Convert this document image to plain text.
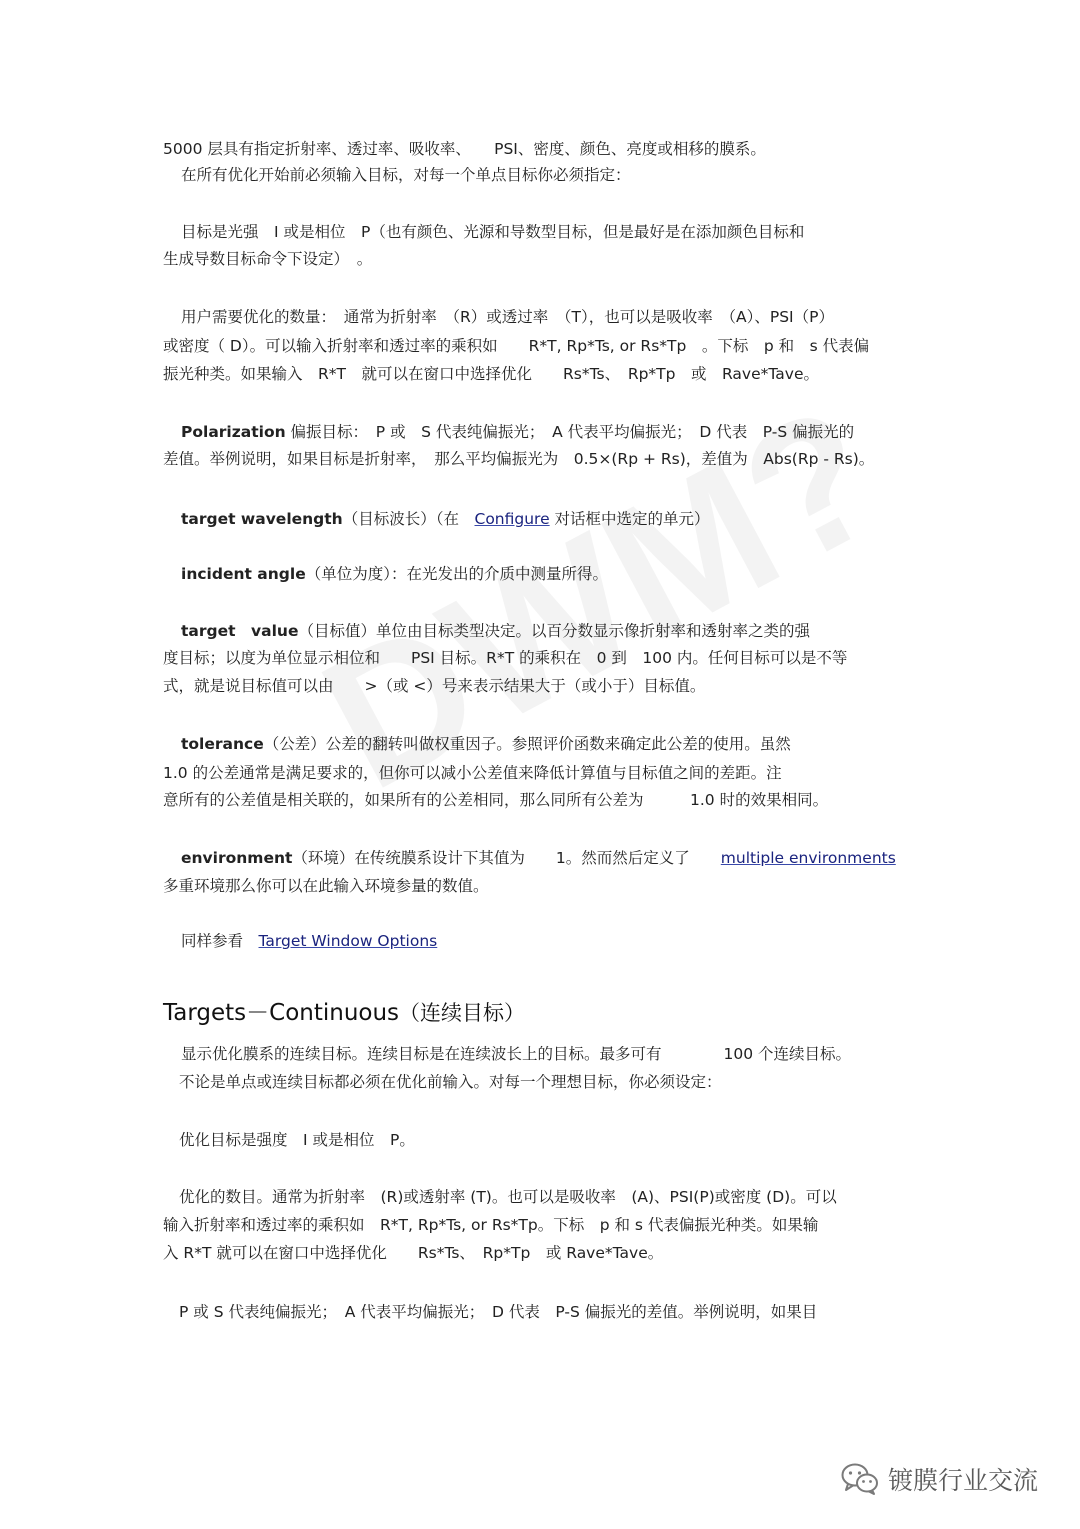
5000 层具有指定折射率、透过率、吸收率、　　PSI、密度、颜色、亮度或相移的膜系。
在所有优化开始前必须输入目标，对每一个单点目标你必须指定：
目标是光强　I 或是相位　P（也有颜色、光源和导数型目标，但是最好是在添加颜色目标和
生成导数目标命令下设定）　。
用户需要优化的数量：　通常为折射率　（R）或透过率　（T），也可以是吸收率　（A）、PSI（P）
或密度（ D）。可以输入折射率和透过率的乘积如　　R*T, Rp*Ts, or Rs*Tp　。下标　p 和　s 代表偏
振光种类。如果输入　R*T　就可以在窗口中选择优化　　Rs*Ts、　Rp*Tp　或　Rave*Tave。
Polarization 偏振目标：　P 或　S 代表纯偏振光；　A 代表平均偏振光；　D 代表　P-S 偏振光的
差值。举例说明，如果目标是折射率，　那么平均偏振光为　0.5×(Rp + Rs)，差值为　Abs(Rp - Rs)。
target wavelength（目标波长）（在　Configure 对话框中选定的单元）
incident angle（单位为度）：在光发出的介质中测量所得。
target　value（目标值）单位由目标类型决定。以百分数显示像折射率和透射率之类的强
度目标；以度为单位显示相位和　　PSI 目标。R*T 的乘积在　0 到　100 内。任何目标可以是不等
式，就是说目标值可以由　　>（或 <）号来表示结果大于（或小于）目标值。
tolerance（公差）公差的翻转叫做权重因子。参照评价函数来确定此公差的使用。虽然
1.0 的公差通常是满足要求的，但你可以减小公差值来降低计算值与目标值之间的差距。注
意所有的公差值是相关联的，如果所有的公差相同，那么同所有公差为　　　1.0 时的效果相同。
environment（环境）在传统膜系设计下其值为　　1。然而然后定义了　　multiple environments
多重环境那么你可以在此输入环境参量的数值。
同样参看　Target Window Options
Targets－Continuous（连续目标）
显示优化膜系的连续目标。连续目标是在连续波长上的目标。最多可有　　　　100 个连续目标。
不论是单点或连续目标都必须在优化前输入。对每一个理想目标，你必须设定：
优化目标是强度　I 或是相位　P。
优化的数目。通常为折射率　(R)或透射率 (T)。也可以是吸收率　(A)、PSI(P)或密度 (D)。可以
输入折射率和透过率的乘积如　R*T, Rp*Ts, or Rs*Tp。下标　p 和 s 代表偏振光种类。如果输
入 R*T 就可以在窗口中选择优化　　Rs*Ts、　Rp*Tp　或 Rave*Tave。
P 或 S 代表纯偏振光；　A 代表平均偏振光；　D 代表　P-S 偏振光的差值。举例说明，如果目
镀膜行业交流
